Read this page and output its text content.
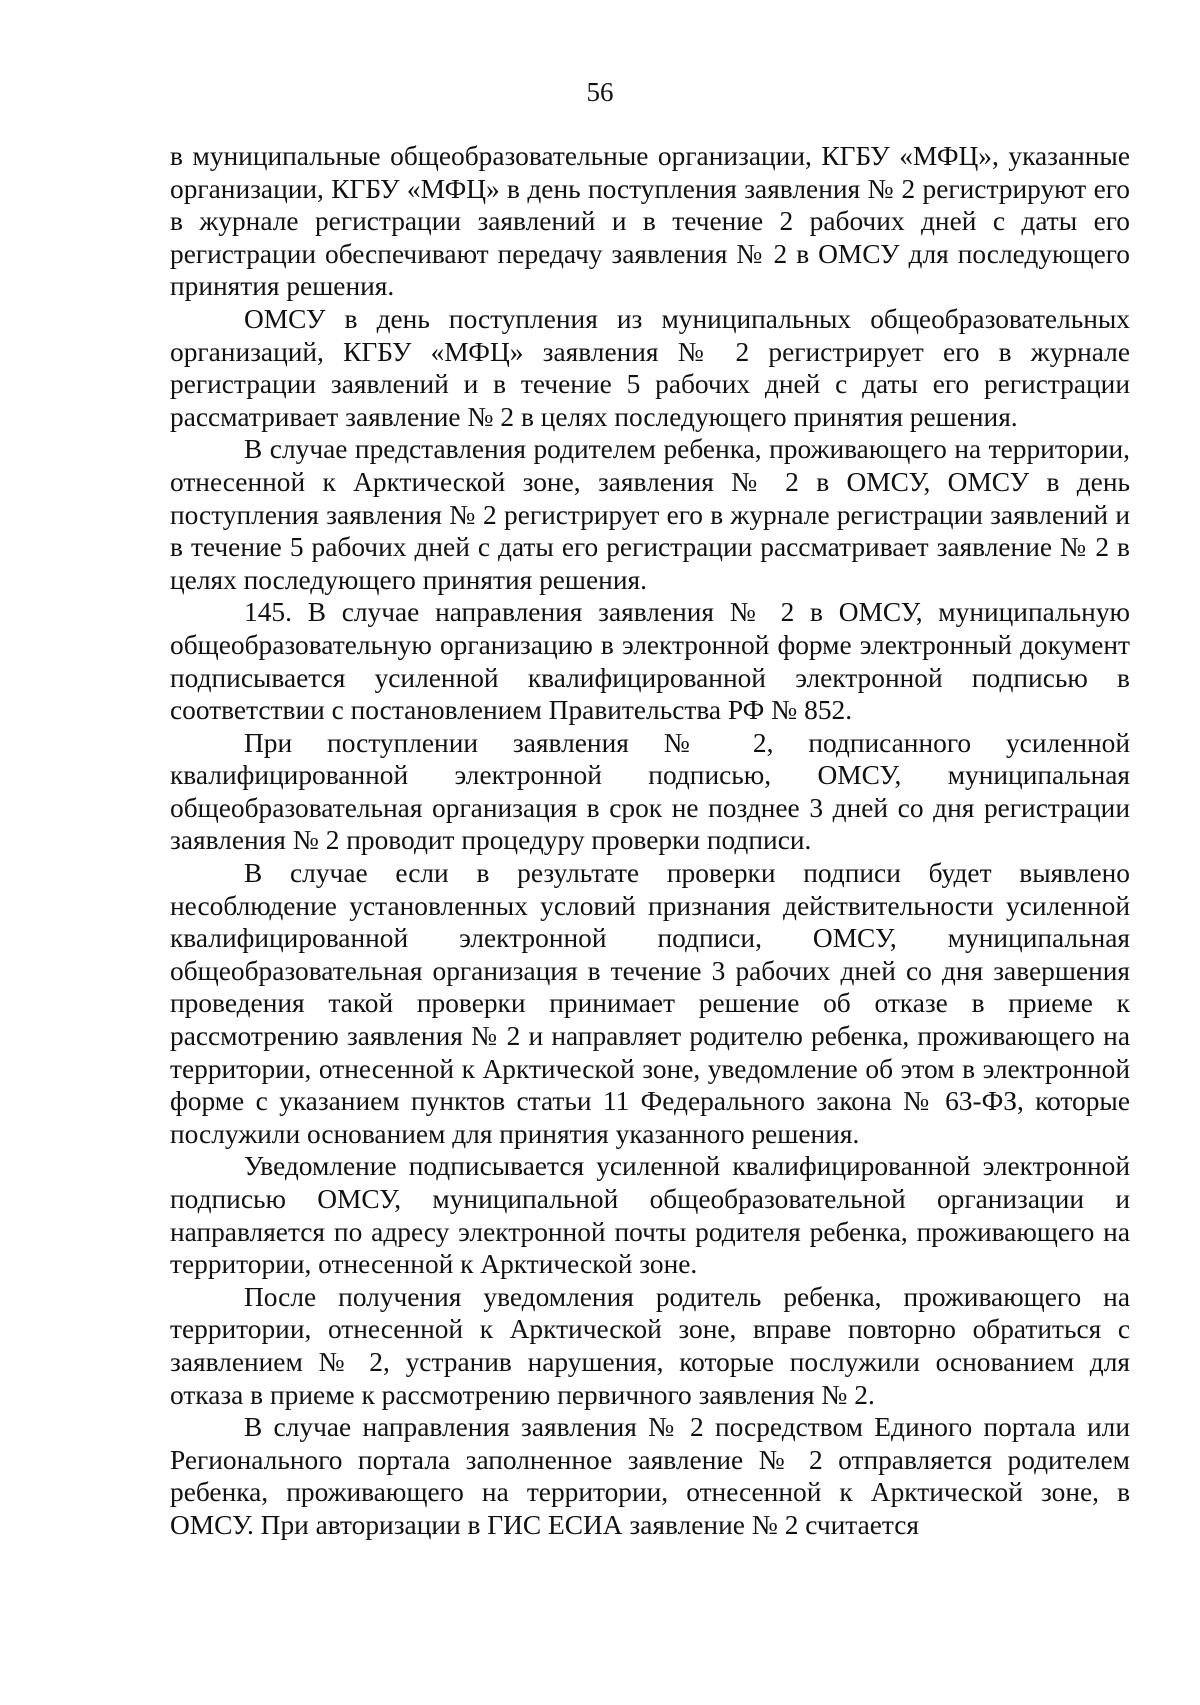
56

в муниципальные общеобразовательные организации, КГБУ «МФЦ», указанные организации, КГБУ «МФЦ» в день поступления заявления № 2 регистрируют его в журнале регистрации заявлений и в течение 2 рабочих дней с даты его регистрации обеспечивают передачу заявления № 2 в ОМСУ для последующего принятия решения.

ОМСУ в день поступления из муниципальных общеобразовательных организаций, КГБУ «МФЦ» заявления № 2 регистрирует его в журнале регистрации заявлений и в течение 5 рабочих дней с даты его регистрации рассматривает заявление № 2 в целях последующего принятия решения.

В случае представления родителем ребенка, проживающего на территории, отнесенной к Арктической зоне, заявления № 2 в ОМСУ, ОМСУ в день поступления заявления № 2 регистрирует его в журнале регистрации заявлений и в течение 5 рабочих дней с даты его регистрации рассматривает заявление № 2 в целях последующего принятия решения.

145. В случае направления заявления № 2 в ОМСУ, муниципальную общеобразовательную организацию в электронной форме электронный документ подписывается усиленной квалифицированной электронной подписью в соответствии с постановлением Правительства РФ № 852.

При поступлении заявления № 2, подписанного усиленной квалифицированной электронной подписью, ОМСУ, муниципальная общеобразовательная организация в срок не позднее 3 дней со дня регистрации заявления № 2 проводит процедуру проверки подписи.

В случае если в результате проверки подписи будет выявлено несоблюдение установленных условий признания действительности усиленной квалифицированной электронной подписи, ОМСУ, муниципальная общеобразовательная организация в течение 3 рабочих дней со дня завершения проведения такой проверки принимает решение об отказе в приеме к рассмотрению заявления № 2 и направляет родителю ребенка, проживающего на территории, отнесенной к Арктической зоне, уведомление об этом в электронной форме с указанием пунктов статьи 11 Федерального закона № 63-ФЗ, которые послужили основанием для принятия указанного решения.

Уведомление подписывается усиленной квалифицированной электронной подписью ОМСУ, муниципальной общеобразовательной организации и направляется по адресу электронной почты родителя ребенка, проживающего на территории, отнесенной к Арктической зоне.

После получения уведомления родитель ребенка, проживающего на территории, отнесенной к Арктической зоне, вправе повторно обратиться с заявлением № 2, устранив нарушения, которые послужили основанием для отказа в приеме к рассмотрению первичного заявления № 2.

В случае направления заявления № 2 посредством Единого портала или Регионального портала заполненное заявление № 2 отправляется родителем ребенка, проживающего на территории, отнесенной к Арктической зоне, в ОМСУ. При авторизации в ГИС ЕСИА заявление № 2 считается
